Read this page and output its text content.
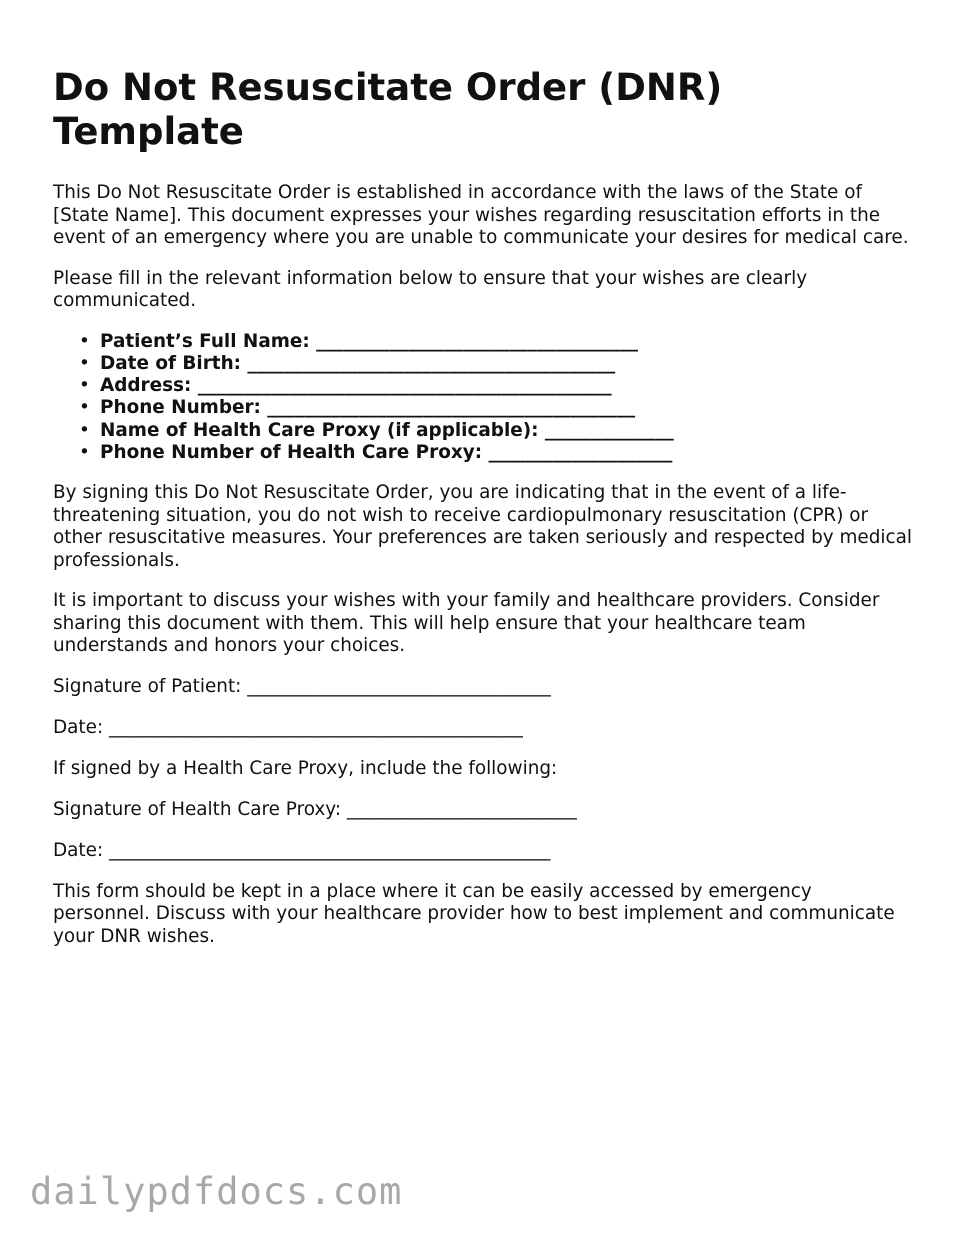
Do Not Resuscitate Order (DNR) Template

This Do Not Resuscitate Order is established in accordance with the laws of the State of [State Name]. This document expresses your wishes regarding resuscitation efforts in the event of an emergency where you are unable to communicate your desires for medical care.

Please fill in the relevant information below to ensure that your wishes are clearly communicated.

• Patient’s Full Name: ___________________________________
• Date of Birth: ________________________________________
• Address: _____________________________________________
• Phone Number: ________________________________________
• Name of Health Care Proxy (if applicable): ______________
• Phone Number of Health Care Proxy: ____________________

By signing this Do Not Resuscitate Order, you are indicating that in the event of a life-threatening situation, you do not wish to receive cardiopulmonary resuscitation (CPR) or other resuscitative measures. Your preferences are taken seriously and respected by medical professionals.

It is important to discuss your wishes with your family and healthcare providers. Consider sharing this document with them. This will help ensure that your healthcare team understands and honors your choices.

Signature of Patient: _________________________________
Date: _____________________________________________
If signed by a Health Care Proxy, include the following:
Signature of Health Care Proxy: _________________________
Date: ________________________________________________

This form should be kept in a place where it can be easily accessed by emergency personnel. Discuss with your healthcare provider how to best implement and communicate your DNR wishes.

dailypdfdocs.com
